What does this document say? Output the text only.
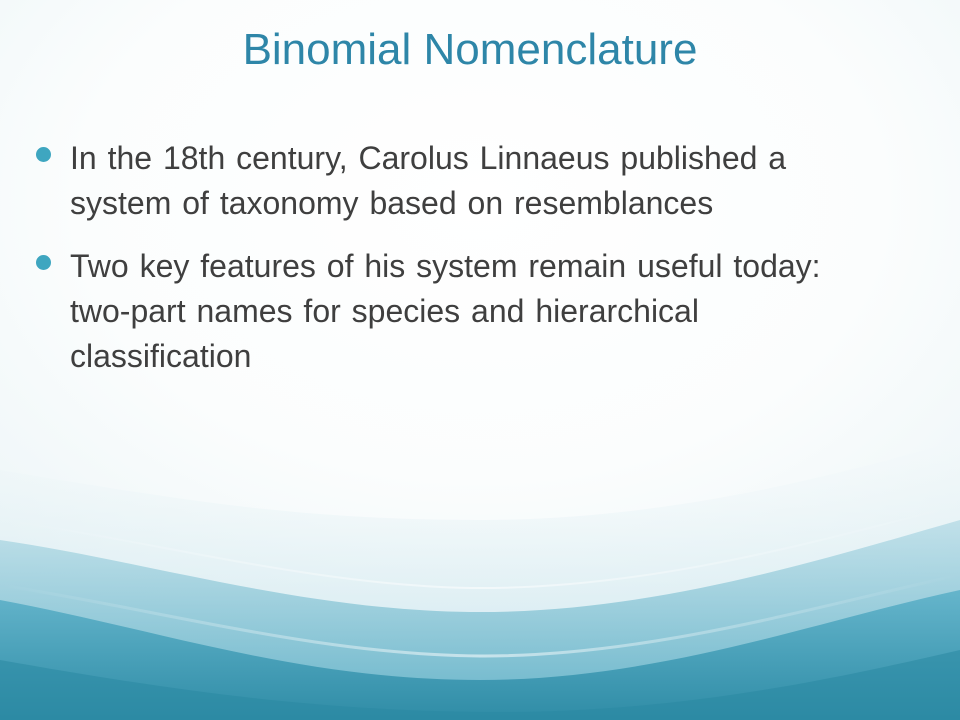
Binomial Nomenclature
In the 18th century, Carolus Linnaeus published a system of taxonomy based on resemblances
Two key features of his system remain useful today: two-part names for species and hierarchical classification
